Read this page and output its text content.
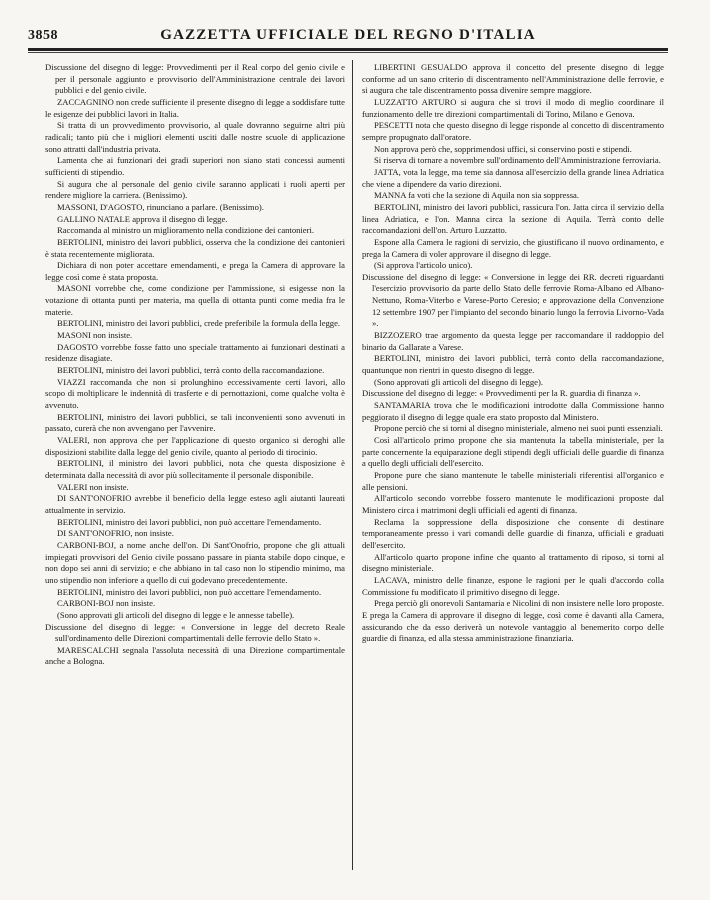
3858	GAZZETTA UFFICIALE DEL REGNO D'ITALIA

Discussione del disegno di legge: Provvedimenti per il Real corpo del genio civile e per il personale aggiunto e provvisorio dell'Amministrazione centrale dei lavori pubblici e del genio civile.

ZACCAGNINO non crede sufficiente il presente disegno di legge a soddisfare tutte le esigenze dei pubblici lavori in Italia.

Si tratta di un provvedimento provvisorio, al quale dovranno seguirne altri più radicali; tanto più che i migliori elementi usciti dalle nostre scuole di applicazione sono attratti dall'industria privata.

Lamenta che ai funzionari dei gradi superiori non siano stati concessi aumenti sufficienti di stipendio.

Si augura che al personale del genio civile saranno applicati i ruoli aperti per rendere migliore la carriera. (Benissimo).

MASSONI, D'AGOSTO, rinunciano a parlare. (Benissimo).

GALLINO NATALE approva il disegno di legge.

Raccomanda al ministro un miglioramento nella condizione dei cantonieri.

BERTOLINI, ministro dei lavori pubblici, osserva che la condizione dei cantonieri è stata recentemente migliorata.

Dichiara di non poter accettare emendamenti, e prega la Camera di approvare la legge così come è stata proposta.

MASONI vorrebbe che, come condizione per l'ammissione, si esigesse non la votazione di ottanta punti per materia, ma quella di ottanta punti come media fra le materie.

BERTOLINI, ministro dei lavori pubblici, crede preferibile la formula della legge.

MASONI non insiste.

DAGOSTO vorrebbe fosse fatto uno speciale trattamento ai funzionari destinati a residenze disagiate.

BERTOLINI, ministro dei lavori pubblici, terrà conto della raccomandazione.

VIAZZI raccomanda che non si prolunghino eccessivamente certi lavori, allo scopo di moltiplicare le indennità di trasferte e di pernottazioni, come qualche volta è avvenuto.

BERTOLINI, ministro dei lavori pubblici, se tali inconvenienti sono avvenuti in passato, curerà che non avvengano per l'avvenire.

VALERI, non approva che per l'applicazione di questo organico si deroghi alle disposizioni stabilite dalla legge del genio civile, quanto al periodo di tirocinio.

BERTOLINI, il ministro dei lavori pubblici, nota che questa disposizione è determinata dalla necessità di avor più sollecitamente il personale disponibile.

VALERI non insiste.

DI SANT'ONOFRIO avrebbe il beneficio della legge esteso agli aiutanti laureati attualmente in servizio.

BERTOLINI, ministro dei lavori pubblici, non può accettare l'emendamento.

DI SANT'ONOFRIO, non insiste.

CARBONI-BOJ, a nome anche dell'on. Di Sant'Onofrio, propone che gli attuali impiegati provvisori del Genio civile possano passare in pianta stabile dopo cinque, e non dopo sei anni di servizio; e che abbiano in tal caso non lo stipendio minimo, ma uno stipendio non inferiore a quello di cui godevano precedentemente.

BERTOLINI, ministro dei lavori pubblici, non può accettare l'emendamento.

CARBONI-BOJ non insiste.

(Sono approvati gli articoli del disegno di legge e le annesse tabelle).

Discussione del disegno di legge: « Conversione in legge del decreto Reale sull'ordinamento delle Direzioni compartimentali delle ferrovie dello Stato ».

MARESCALCHI segnala l'assoluta necessità di una Direzione compartimentale anche a Bologna.

LIBERTINI GESUALDO approva il concetto del presente disegno di legge conforme ad un sano criterio di discentramento nell'Amministrazione delle ferrovie, e si augura che tale discentramento possa divenire sempre maggiore.

LUZZATTO ARTURO si augura che si trovi il modo di meglio coordinare il funzionamento delle tre direzioni compartimentali di Torino, Milano e Genova.

PESCETTI nota che questo disegno di legge risponde al concetto di discentramento sempre propugnato dall'oratore.

Non approva però che, sopprimendosi uffici, si conservino posti e stipendi.

Si riserva di tornare a novembre sull'ordinamento dell'Amministrazione ferroviaria.

JATTA, vota la legge, ma teme sia dannosa all'esercizio della grande linea Adriatica che viene a dipendere da vario direzioni.

MANNA fa voti che la sezione di Aquila non sia soppressa.

BERTOLINI, ministro dei lavori pubblici, rassicura l'on. Jatta circa il servizio della linea Adriatica, e l'on. Manna circa la sezione di Aquila. Terrà conto delle raccomandazioni dell'on. Arturo Luzzatto.

Espone alla Camera le ragioni di servizio, che giustificano il nuovo ordinamento, e prega la Camera di voler approvare il disegno di legge.

(Si approva l'articolo unico).

Discussione del disegno di legge: « Conversione in legge dei RR. decreti riguardanti l'esercizio provvisorio da parte dello Stato delle ferrovie Roma-Albano ed Albano-Nettuno, Roma-Viterbo e Varese-Porto Ceresio; e approvazione della Convenzione 12 settembre 1907 per l'impianto del secondo binario lungo la ferrovia Livorno-Vada ».

BIZZOZERO trae argomento da questa legge per raccomandare il raddoppio del binario da Gallarate a Varese.

BERTOLINI, ministro dei lavori pubblici, terrà conto della raccomandazione, quantunque non rientri in questo disegno di legge.

(Sono approvati gli articoli del disegno di legge).

Discussione del disegno di legge: « Provvedimenti per la R. guardia di finanza ».

SANTAMARIA trova che le modificazioni introdotte dalla Commissione hanno peggiorato il disegno di legge quale era stato proposto dal Ministero.

Propone perciò che si torni al disegno ministeriale, almeno nei suoi punti essenziali.

Così all'articolo primo propone che sia mantenuta la tabella ministeriale, per la parte concernente la equiparazione degli stipendi degli ufficiali delle guardie di finanza a quello degli ufficiali dell'esercito.

Propone pure che siano mantenute le tabelle ministeriali riferentisi all'organico e alle pensioni.

All'articolo secondo vorrebbe fossero mantenute le modificazioni proposte dal Ministero circa i matrimoni degli ufficiali ed agenti di finanza.

Reclama la soppressione della disposizione che consente di destinare temporaneamente presso i vari comandi delle guardie di finanza, ufficiali e graduati dell'esercito.

All'articolo quarto propone infine che quanto al trattamento di riposo, si torni al disegno ministeriale.

LACAVA, ministro delle finanze, espone le ragioni per le quali d'accordo colla Commissione fu modificato il primitivo disegno di legge.

Prega perciò gli onorevoli Santamaria e Nicolini di non insistere nelle loro proposte. E prega la Camera di approvare il disegno di legge, così come è davanti alla Camera, assicurando che da esso deriverà un notevole vantaggio al benemerito corpo delle guardie di finanza, ed alla stessa amministrazione finanziaria.
